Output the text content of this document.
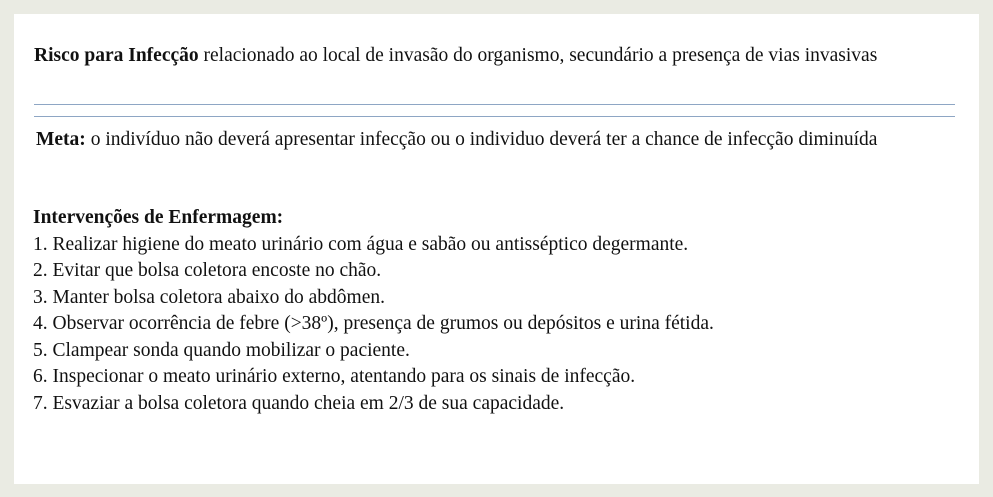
Risco para Infecção relacionado ao local de invasão do organismo, secundário a presença de vias invasivas
Meta: o indivíduo não deverá apresentar infecção ou o individuo deverá ter a chance de infecção diminuída
Intervenções de Enfermagem:
1. Realizar higiene do meato urinário com água e sabão ou antisséptico degermante.
2. Evitar que bolsa coletora encoste no chão.
3. Manter bolsa coletora abaixo do abdômen.
4. Observar ocorrência de febre (>38º), presença de grumos ou depósitos e urina fétida.
5. Clampear sonda quando mobilizar o paciente.
6. Inspecionar o meato urinário externo, atentando para os sinais de infecção.
7. Esvaziar a bolsa coletora quando cheia em 2/3 de sua capacidade.
